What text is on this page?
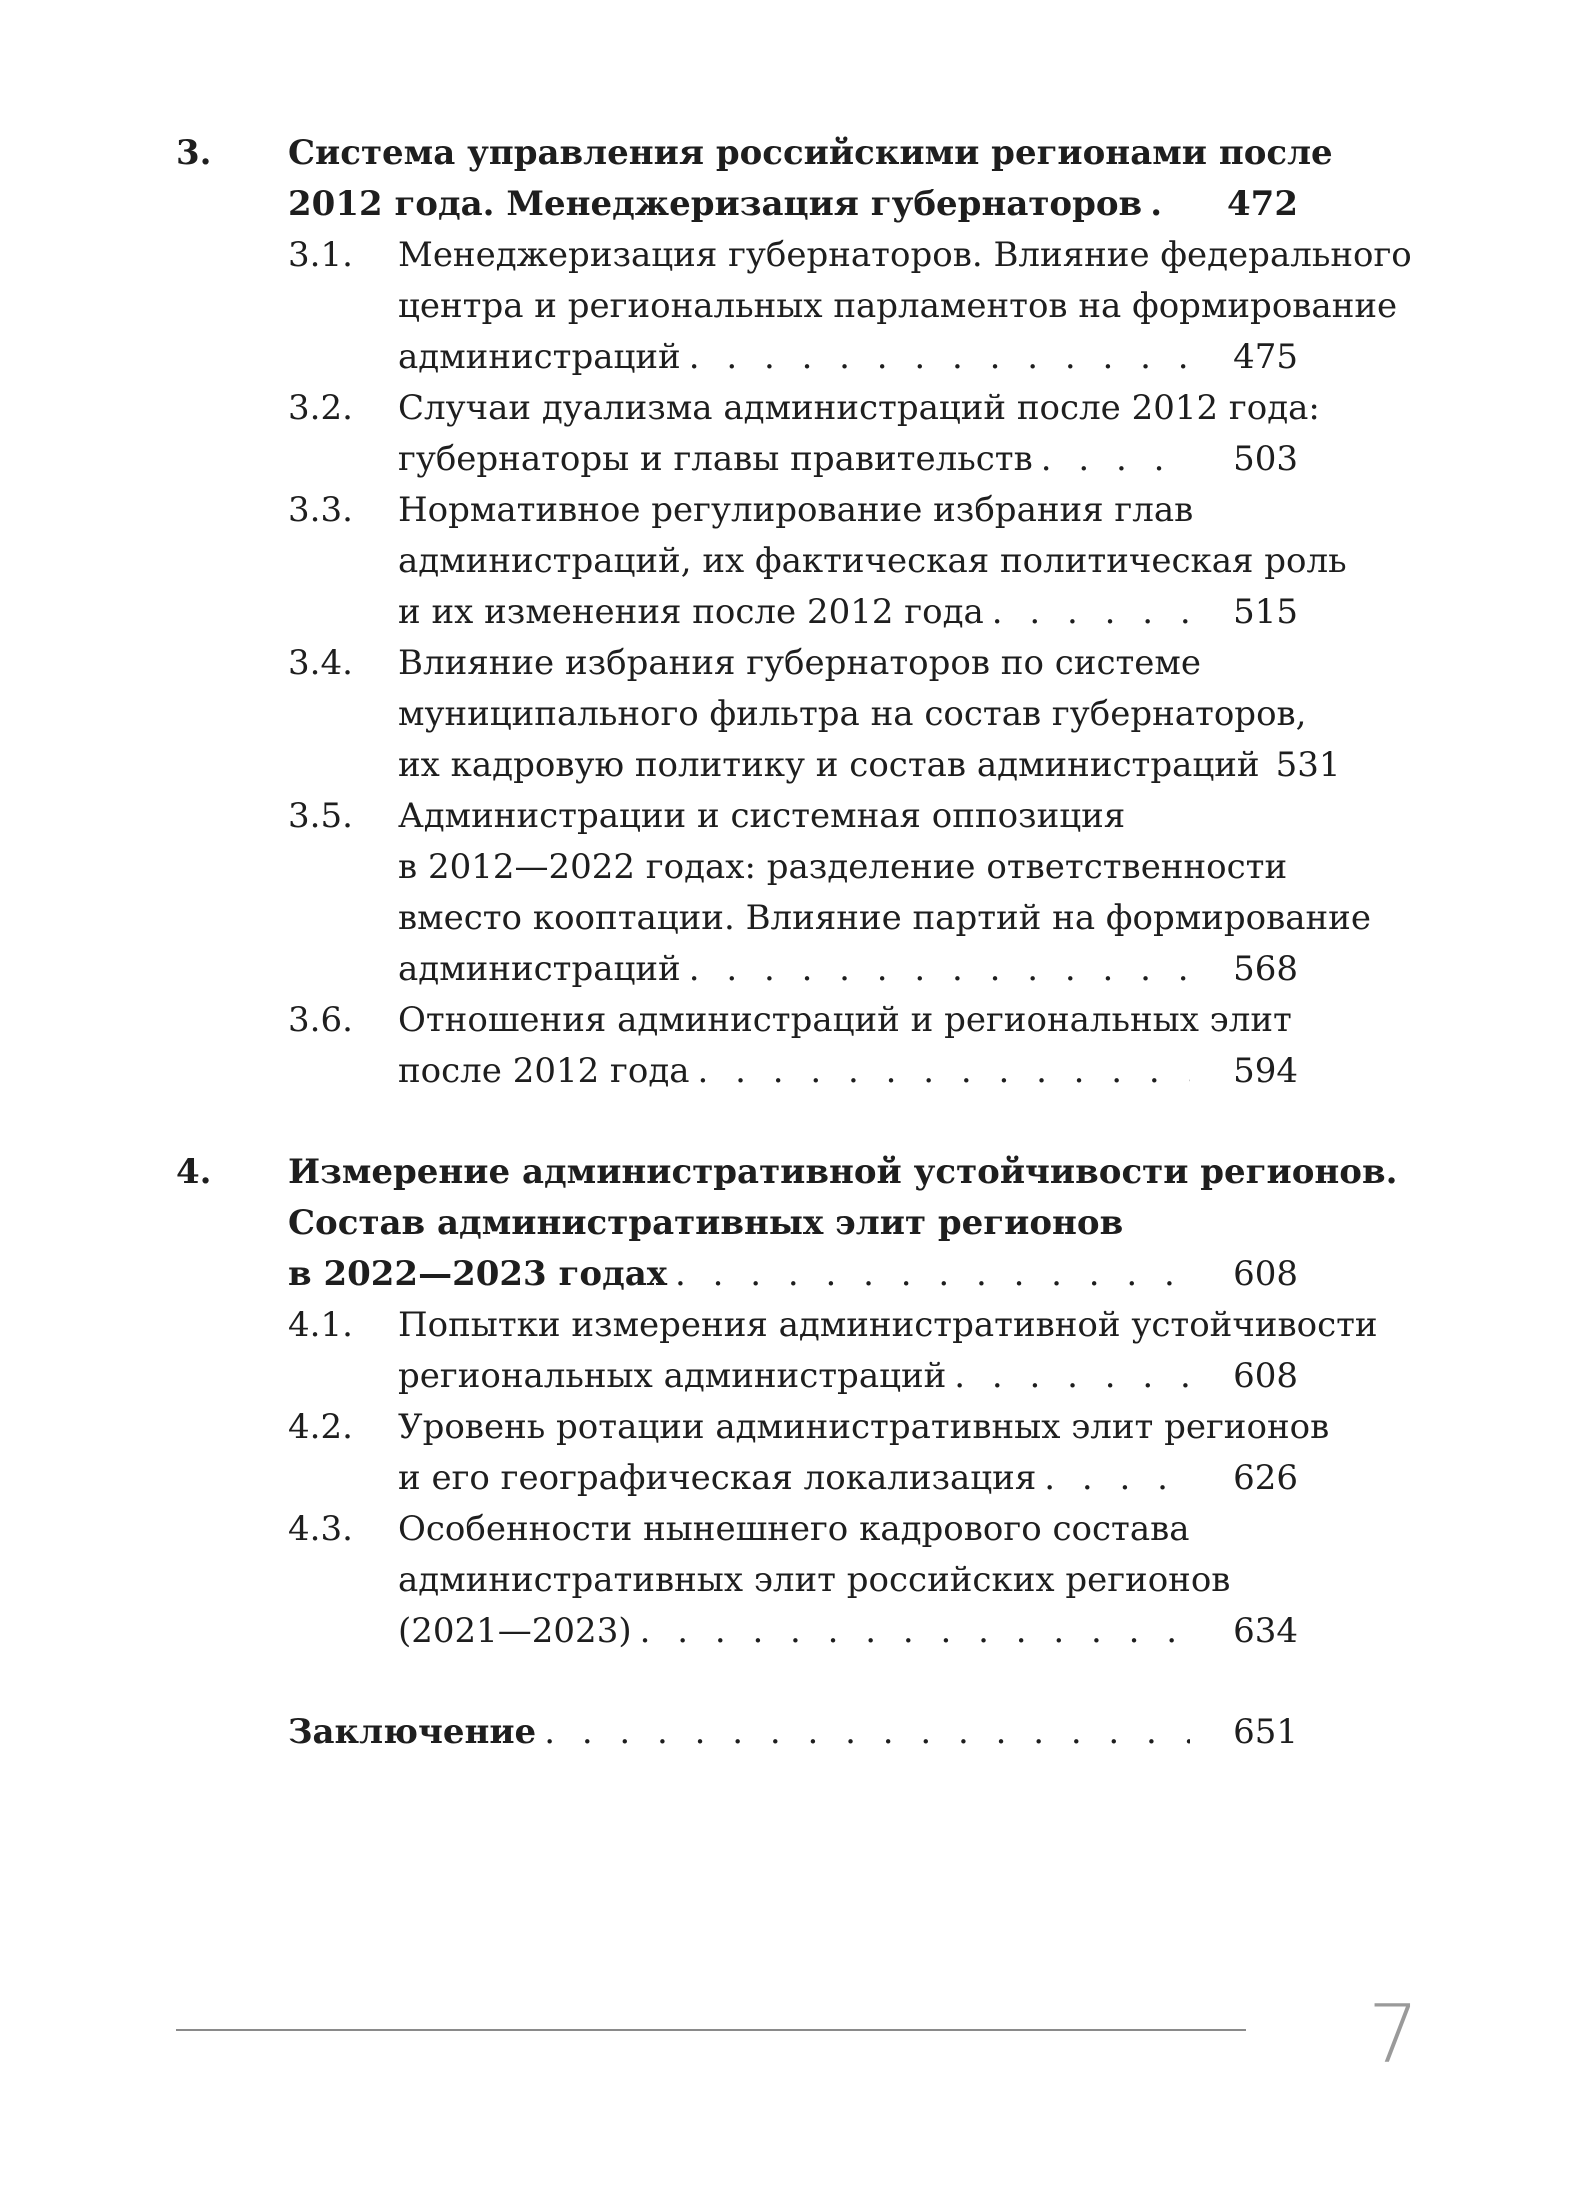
3. Система управления российскими регионами после
2012 года. Менеджеризация губернаторов . . .	472
3.1. Менеджеризация губернаторов. Влияние федерального
центра и региональных парламентов на формирование
администраций . . .	475
3.2. Случаи дуализма администраций после 2012 года:
губернаторы и главы правительств . . .	503
3.3. Нормативное регулирование избрания глав
администраций, их фактическая политическая роль
и их изменения после 2012 года . . .	515
3.4. Влияние избрания губернаторов по системе
муниципального фильтра на состав губернаторов,
их кадровую политику и состав администраций 531
3.5. Администрации и системная оппозиция
в 2012—2022 годах: разделение ответственности
вместо кооптации. Влияние партий на формирование
администраций . . .	568
3.6. Отношения администраций и региональных элит
после 2012 года . . .	594
4. Измерение административной устойчивости регионов.
Состав административных элит регионов
в 2022—2023 годах . . .	608
4.1. Попытки измерения административной устойчивости
региональных администраций . . .	608
4.2. Уровень ротации административных элит регионов
и его географическая локализация . . .	626
4.3. Особенности нынешнего кадрового состава
административных элит российских регионов
(2021—2023) . . .	634
Заключение . . .	651
7
